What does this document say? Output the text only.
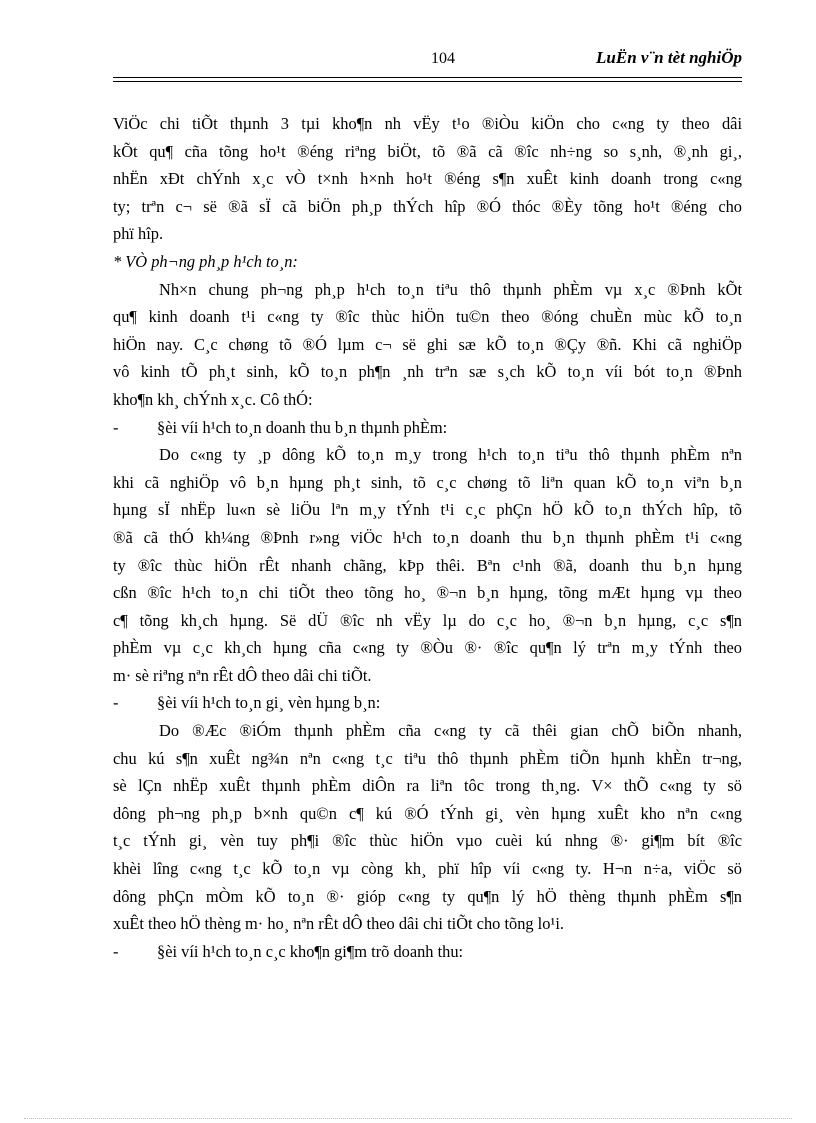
104	LuËn v¨n tèt nghiÖp
ViÖc chi tiÕt thµnh 3 tµi kho¶n nh vËy t¹o ®iÒu kiÖn cho c«ng ty theo dâi
kÕt qu¶ cña tõng ho¹t ®éng riªng biÖt, tõ ®ã cã ®îc nh÷ng so s¸nh, ®¸nh gi¸,
nhËn xÐt chÝnh x¸c vÒ t×nh h×nh ho¹t ®éng s¶n xuÊt kinh doanh trong c«ng
ty; trªn c¬ së ®ã sÏ cã biÖn ph¸p thÝch hîp ®Ó thóc ®Èy tõng ho¹t ®éng cho
phï hîp.
* VÒ ph¬ng ph¸p h¹ch to¸n:
Nh×n chung ph¬ng ph¸p h¹ch to¸n tiªu thô thµnh phÈm vµ x¸c ®Þnh kÕt
qu¶ kinh doanh t¹i c«ng ty ®îc thùc hiÖn tu©n theo ®óng chuÈn mùc kÕ to¸n
hiÖn nay. C¸c chøng tõ ®Ó lµm c¬ së ghi sæ kÕ to¸n ®Çy ®ñ. Khi cã nghiÖp
vô kinh tÕ ph¸t sinh, kÕ to¸n ph¶n ¸nh trªn sæ s¸ch kÕ to¸n víi bót to¸n ®Þnh
kho¶n kh¸ chÝnh x¸c. Cô thÓ:
- §èi víi h¹ch to¸n doanh thu b¸n thµnh phÈm:
Do c«ng ty ¸p dông kÕ to¸n m¸y trong h¹ch to¸n tiªu thô thµnh phÈm nªn
khi cã nghiÖp vô b¸n hµng ph¸t sinh, tõ c¸c chøng tõ liªn quan kÕ to¸n viªn b¸n
hµng sÏ nhËp lu«n sè liÖu lªn m¸y tÝnh t¹i c¸c phÇn hÖ kÕ to¸n thÝch hîp, tõ
®ã cã thÓ kh¼ng ®Þnh r»ng viÖc h¹ch to¸n doanh thu b¸n thµnh phÈm t¹i c«ng
ty ®îc thùc hiÖn rÊt nhanh chãng, kÞp thêi. Bªn c¹nh ®ã, doanh thu b¸n hµng
cßn ®îc h¹ch to¸n chi tiÕt theo tõng ho¸ ®¬n b¸n hµng, tõng mÆt hµng vµ theo
c¶ tõng kh¸ch hµng. Së dÜ ®îc nh vËy lµ do c¸c ho¸ ®¬n b¸n hµng, c¸c s¶n
phÈm vµ c¸c kh¸ch hµng cña c«ng ty ®Òu ®· ®îc qu¶n lý trªn m¸y tÝnh theo
m· sè riªng nªn rÊt dÔ theo dâi chi tiÕt.
- §èi víi h¹ch to¸n gi¸ vèn hµng b¸n:
Do ®Æc ®iÓm thµnh phÈm cña c«ng ty cã thêi gian chÕ biÕn nhanh,
chu kú s¶n xuÊt ng¾n nªn c«ng t¸c tiªu thô thµnh phÈm tiÕn hµnh khÈn tr¬ng,
sè lÇn nhËp xuÊt thµnh phÈm diÔn ra liªn tôc trong th¸ng. V× thÕ c«ng ty sö
dông ph¬ng ph¸p b×nh qu©n c¶ kú ®Ó tÝnh gi¸ vèn hµng xuÊt kho nªn c«ng
t¸c tÝnh gi¸ vèn tuy ph¶i ®îc thùc hiÖn vµo cuèi kú nhng ®· gi¶m bít ®îc
khèi lîng c«ng t¸c kÕ to¸n vµ còng kh¸ phï hîp víi c«ng ty. H¬n n÷a, viÖc sö
dông phÇn mÒm kÕ to¸n ®· gióp c«ng ty qu¶n lý hÖ thèng thµnh phÈm s¶n
xuÊt theo hÖ thèng m· ho¸ nªn rÊt dÔ theo dâi chi tiÕt cho tõng lo¹i.
- §èi víi h¹ch to¸n c¸c kho¶n gi¶m trõ doanh thu:
